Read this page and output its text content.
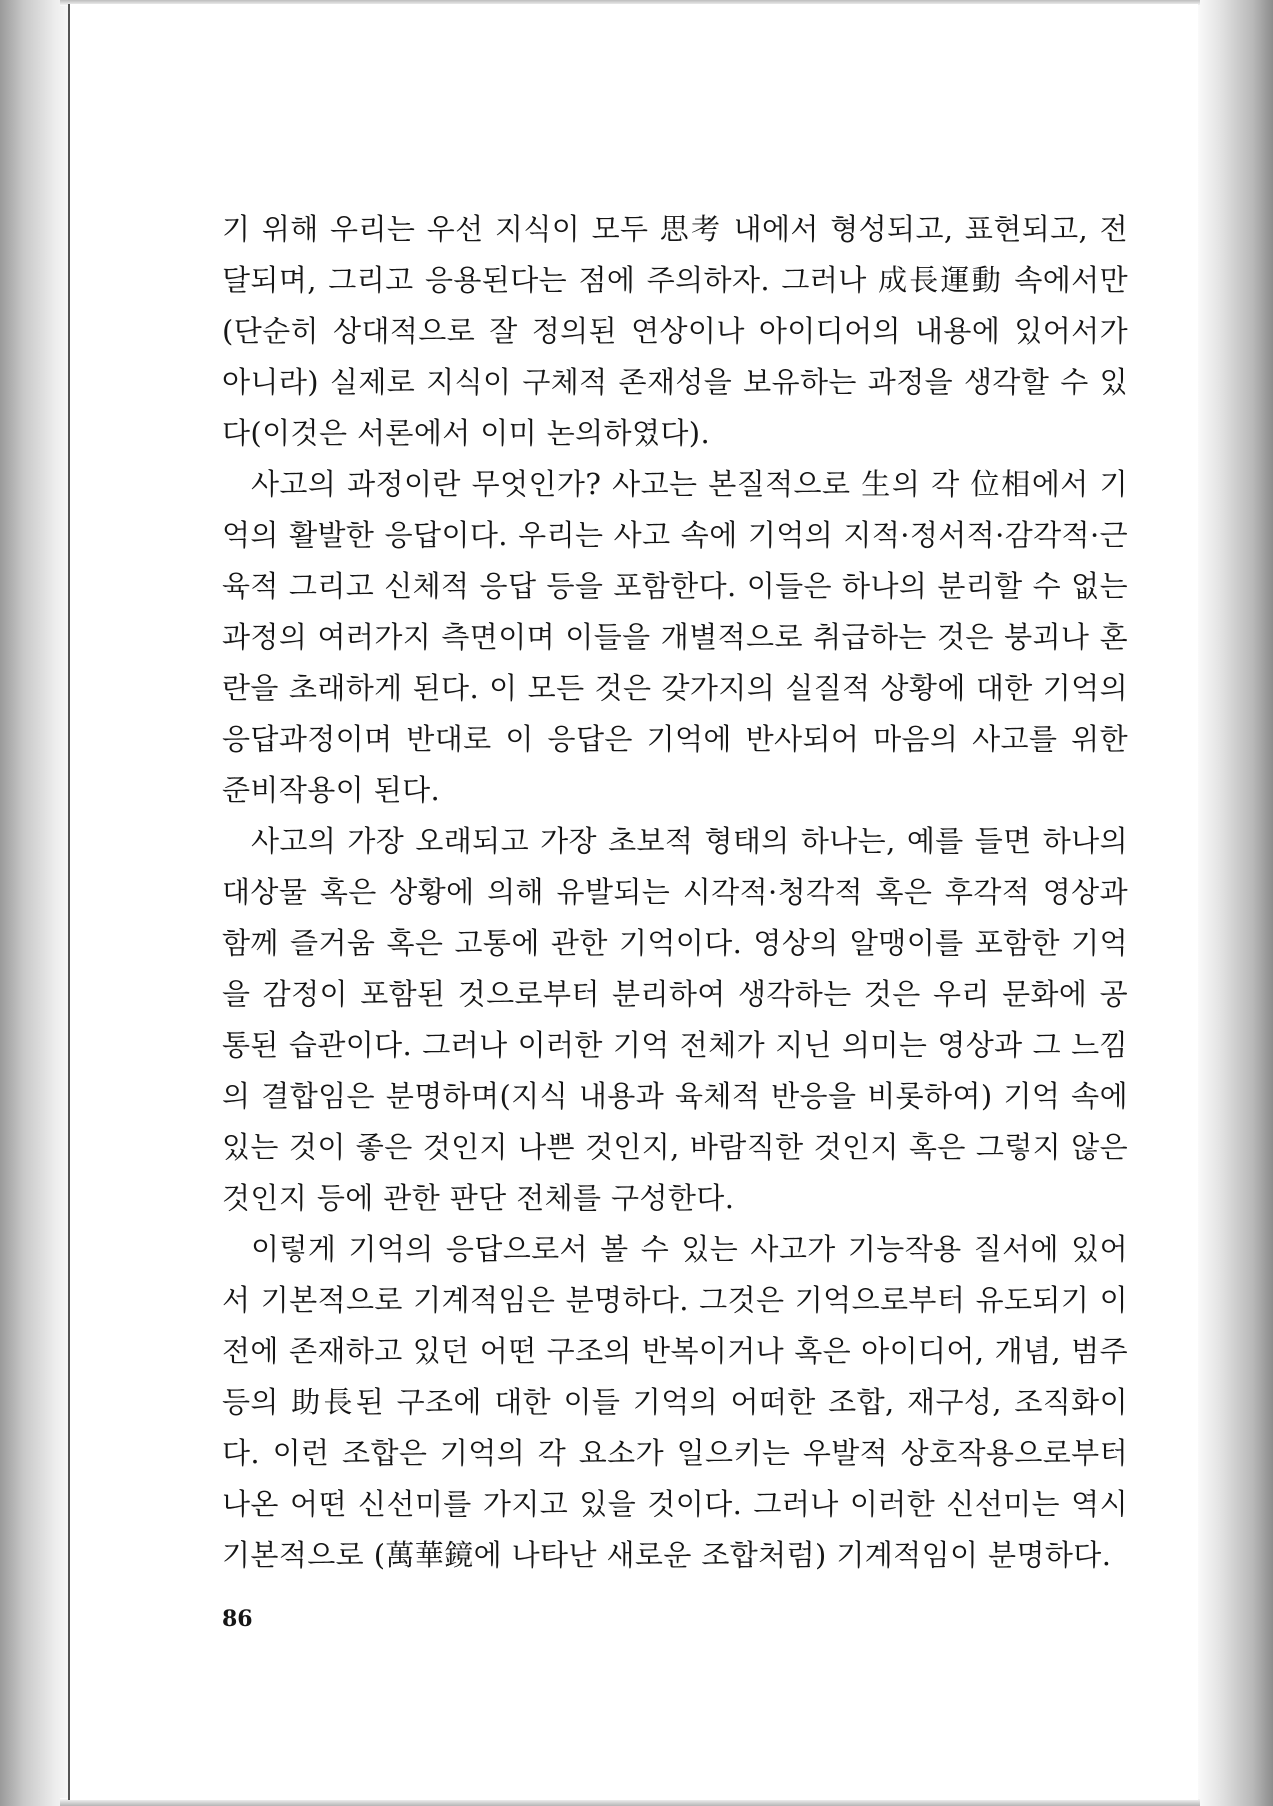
기 위해 우리는 우선 지식이 모두 思考 내에서 형성되고, 표현되고, 전달되며, 그리고 응용된다는 점에 주의하자. 그러나 成長運動 속에서만 (단순히 상대적으로 잘 정의된 연상이나 아이디어의 내용에 있어서가 아니라) 실제로 지식이 구체적 존재성을 보유하는 과정을 생각할 수 있다(이것은 서론에서 이미 논의하였다).

사고의 과정이란 무엇인가? 사고는 본질적으로 生의 각 位相에서 기억의 활발한 응답이다. 우리는 사고 속에 기억의 지적·정서적·감각적·근육적 그리고 신체적 응답 등을 포함한다. 이들은 하나의 분리할 수 없는 과정의 여러가지 측면이며 이들을 개별적으로 취급하는 것은 붕괴나 혼란을 초래하게 된다. 이 모든 것은 갖가지의 실질적 상황에 대한 기억의 응답과정이며 반대로 이 응답은 기억에 반사되어 마음의 사고를 위한 준비작용이 된다.

사고의 가장 오래되고 가장 초보적 형태의 하나는, 예를 들면 하나의 대상물 혹은 상황에 의해 유발되는 시각적·청각적 혹은 후각적 영상과 함께 즐거움 혹은 고통에 관한 기억이다. 영상의 알맹이를 포함한 기억을 감정이 포함된 것으로부터 분리하여 생각하는 것은 우리 문화에 공통된 습관이다. 그러나 이러한 기억 전체가 지닌 의미는 영상과 그 느낌의 결합임은 분명하며(지식 내용과 육체적 반응을 비롯하여) 기억 속에 있는 것이 좋은 것인지 나쁜 것인지, 바람직한 것인지 혹은 그렇지 않은 것인지 등에 관한 판단 전체를 구성한다.

이렇게 기억의 응답으로서 볼 수 있는 사고가 기능작용 질서에 있어서 기본적으로 기계적임은 분명하다. 그것은 기억으로부터 유도되기 이전에 존재하고 있던 어떤 구조의 반복이거나 혹은 아이디어, 개념, 범주 등의 助長된 구조에 대한 이들 기억의 어떠한 조합, 재구성, 조직화이다. 이런 조합은 기억의 각 요소가 일으키는 우발적 상호작용으로부터 나온 어떤 신선미를 가지고 있을 것이다. 그러나 이러한 신선미는 역시 기본적으로 (萬華鏡에 나타난 새로운 조합처럼) 기계적임이 분명하다.

86
